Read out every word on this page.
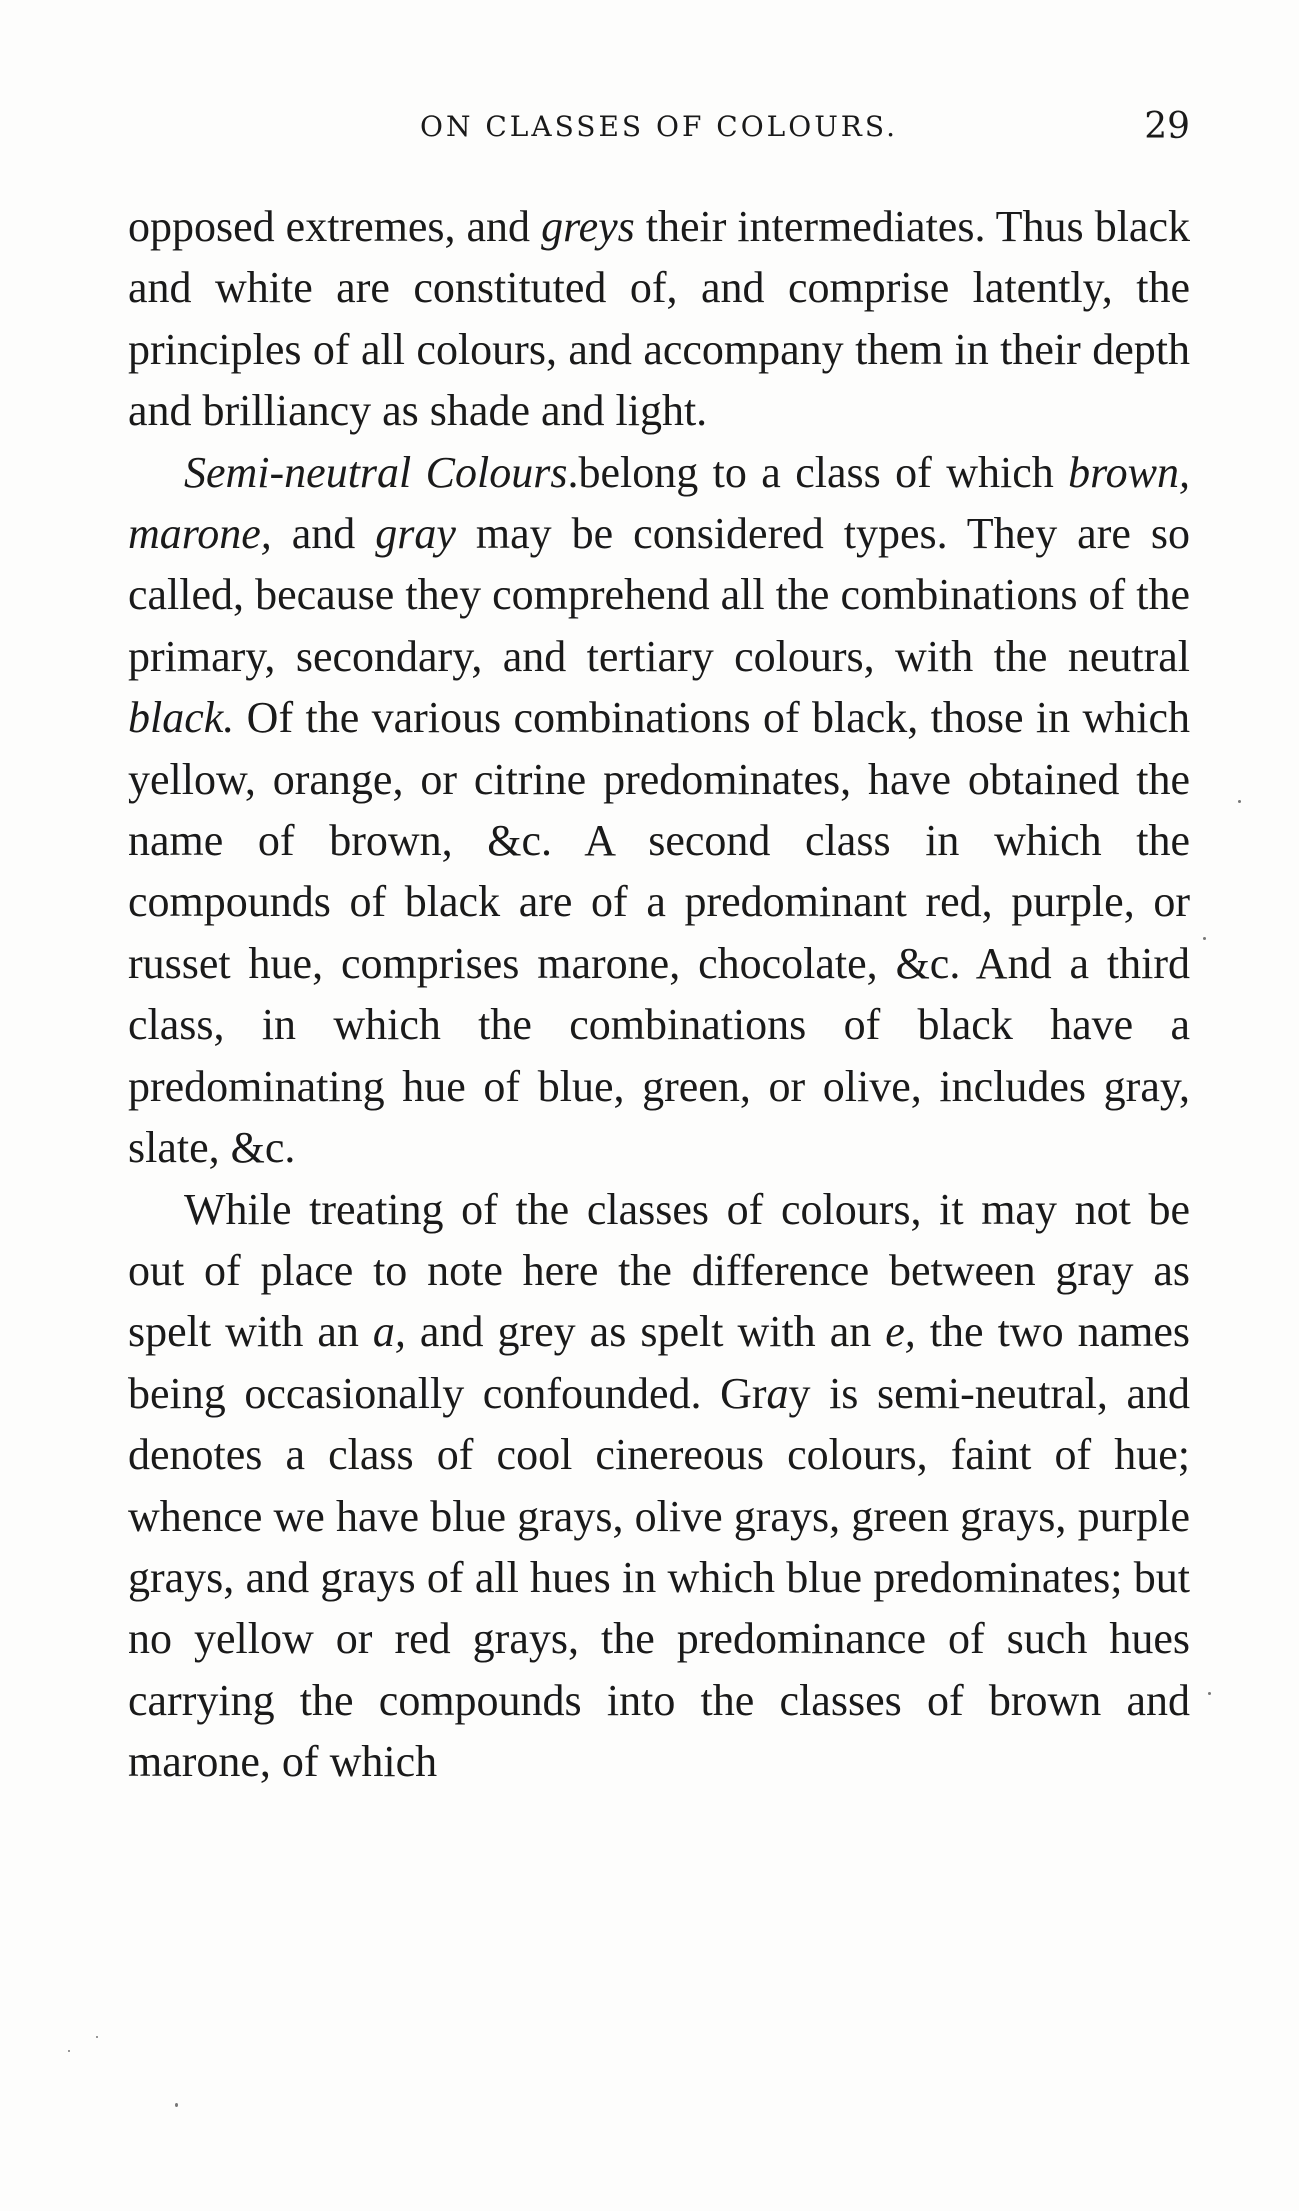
ON CLASSES OF COLOURS.	29

opposed extremes, and greys their intermediates. Thus black and white are constituted of, and comprise latently, the principles of all colours, and accompany them in their depth and brilliancy as shade and light.

Semi-neutral Colours.belong to a class of which brown, marone, and gray may be considered types. They are so called, because they comprehend all the combinations of the primary, secondary, and tertiary colours, with the neutral black. Of the various combinations of black, those in which yellow, orange, or citrine predominates, have obtained the name of brown, &c. A second class in which the compounds of black are of a predominant red, purple, or russet hue, comprises marone, chocolate, &c. And a third class, in which the combinations of black have a predominating hue of blue, green, or olive, includes gray, slate, &c.

While treating of the classes of colours, it may not be out of place to note here the difference between gray as spelt with an a, and grey as spelt with an e, the two names being occasionally confounded. Gray is semi-neutral, and denotes a class of cool cinereous colours, faint of hue; whence we have blue grays, olive grays, green grays, purple grays, and grays of all hues in which blue predominates; but no yellow or red grays, the predominance of such hues carrying the compounds into the classes of brown and marone, of which
